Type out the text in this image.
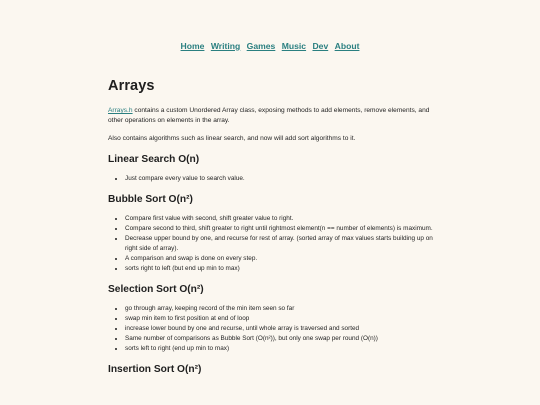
Home Writing Games Music Dev About
Arrays

Arrays.h contains a custom Unordered Array class, exposing methods to add elements, remove elements, and other operations on elements in the array.

Also contains algorithms such as linear search, and now will add sort algorithms to it.

Linear Search O(n)
• Just compare every value to search value.
Bubble Sort O(n²)
• Compare first value with second, shift greater value to right.
• Compare second to third, shift greater to right until rightmost element(n == number of elements) is maximum.
• Decrease upper bound by one, and recurse for rest of array. (sorted array of max values starts building up on right side of array).
• A comparison and swap is done on every step.
• sorts right to left (but end up min to max)
Selection Sort O(n²)
• go through array, keeping record of the min item seen so far
• swap min item to first position at end of loop
• increase lower bound by one and recurse, until whole array is traversed and sorted
• Same number of comparisons as Bubble Sort (O(n²)), but only one swap per round (O(n))
• sorts left to right (end up min to max)
Insertion Sort O(n²)
